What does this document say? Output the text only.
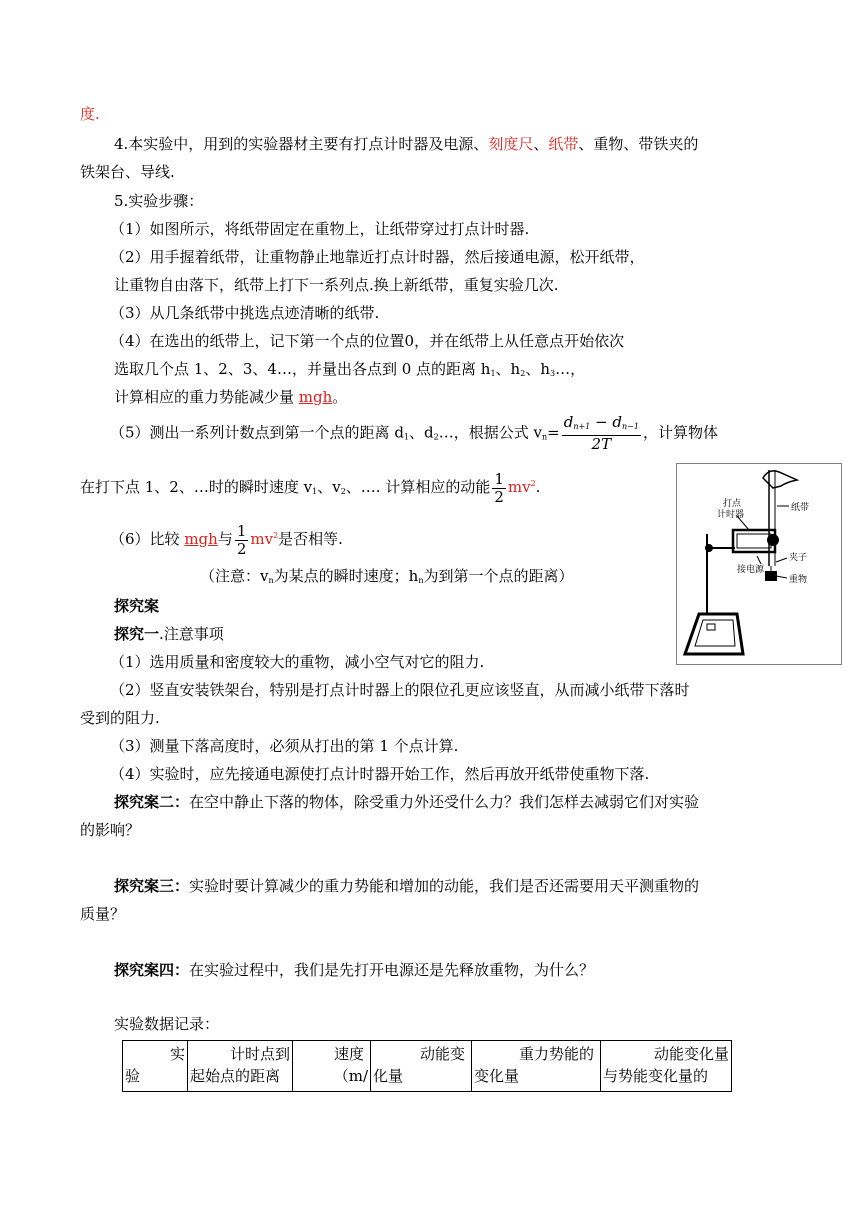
度.
4.本实验中，用到的实验器材主要有打点计时器及电源、刻度尺、纸带、重物、带铁夹的
铁架台、导线.
5.实验步骤：
（1）如图所示，将纸带固定在重物上，让纸带穿过打点计时器.
（2）用手握着纸带，让重物静止地靠近打点计时器，然后接通电源，松开纸带，
让重物自由落下，纸带上打下一系列点.换上新纸带，重复实验几次.
（3）从几条纸带中挑选点迹清晰的纸带.
（4）在选出的纸带上，记下第一个点的位置0，并在纸带上从任意点开始依次
选取几个点 1、2、3、4…，并量出各点到 0 点的距离 $h_1$、$h_2$、$h_3\dots$，
计算相应的重力势能减少量 mgh。
（5）测出一系列计数点到第一个点的距离 $d_1$、$d_2\dots$，根据公式 $v_n= \frac{d_{n+1} - d_{n-1}}{2T}$ ，计算物体
在打下点 1、2、…时的瞬时速度 $v_1$、$v_2$、…. 计算相应的动能 $\frac{1}{2} mv^2$.
（6）比较 mgh与 $\frac{1}{2} mv^2$是否相等.
（注意：$v_n$为某点的瞬时速度；$h_n$为到第一个点的距离）
打点
计时器
纸带
接电源
夹子
重物
探究案
探究一.注意事项
（1）选用质量和密度较大的重物，减小空气对它的阻力.
（2）竖直安装铁架台，特别是打点计时器上的限位孔更应该竖直，从而减小纸带下落时
受到的阻力.
（3）测量下落高度时，必须从打出的第 1 个点计算.
（4）实验时，应先接通电源使打点计时器开始工作，然后再放开纸带使重物下落.
探究案二：在空中静止下落的物体，除受重力外还受什么力？我们怎样去减弱它们对实验
的影响？
探究案三：实验时要计算减少的重力势能和增加的动能，我们是否还需要用天平测重物的
质量？
探究案四：在实验过程中，我们是先打开电源还是先释放重物，为什么？
实验数据记录：
实
验

计时点到
起始点的距离

速度
（m/

动能变
化量

重力势能的
变化量

动能变化量
与势能变化量的
